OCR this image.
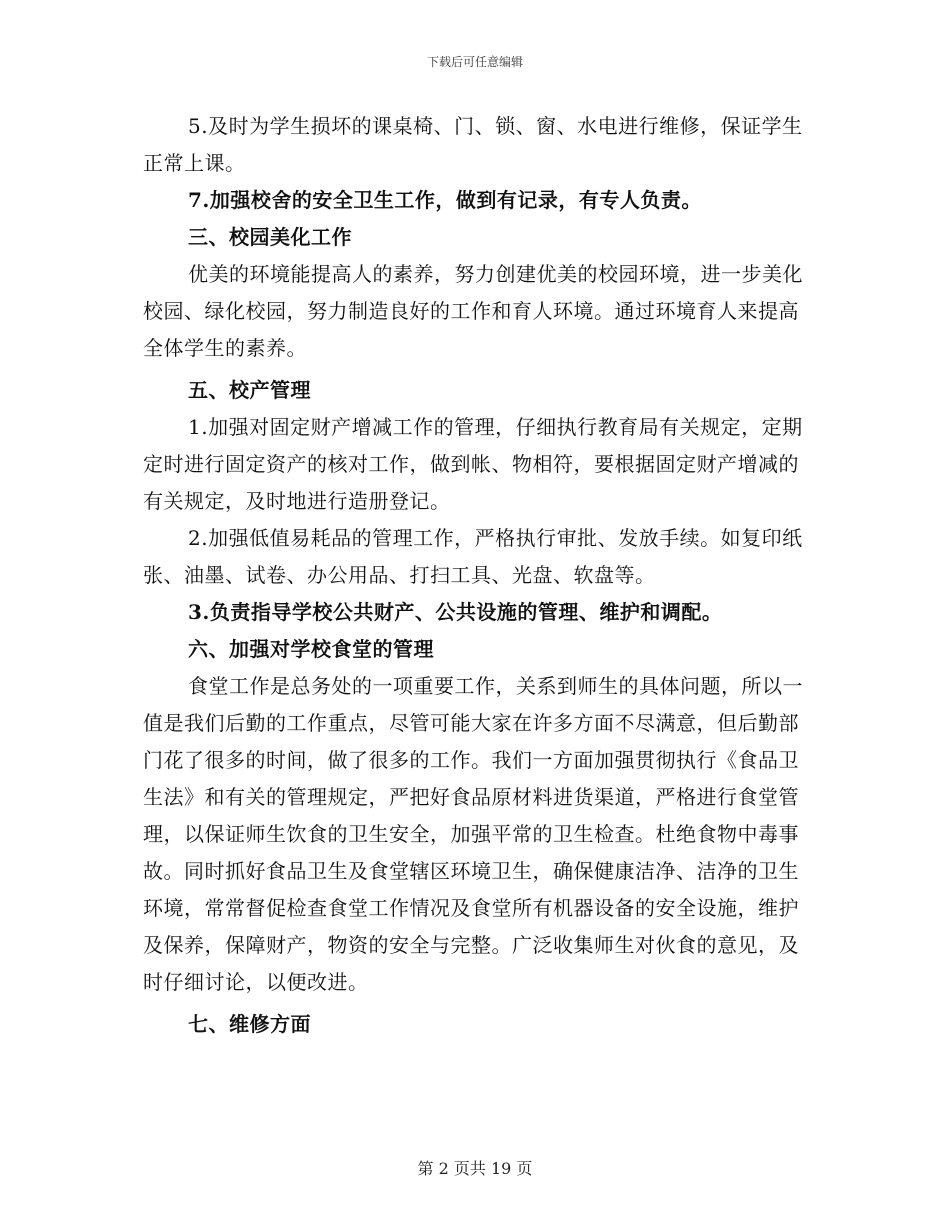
下载后可任意编辑

5.及时为学生损坏的课桌椅、门、锁、窗、水电进行维修，保证学生正常上课。

7.加强校舍的安全卫生工作，做到有记录，有专人负责。

三、校园美化工作

优美的环境能提高人的素养，努力创建优美的校园环境，进一步美化校园、绿化校园，努力制造良好的工作和育人环境。通过环境育人来提高全体学生的素养。

五、校产管理

1.加强对固定财产增减工作的管理，仔细执行教育局有关规定，定期定时进行固定资产的核对工作，做到帐、物相符，要根据固定财产增减的有关规定，及时地进行造册登记。

2.加强低值易耗品的管理工作，严格执行审批、发放手续。如复印纸张、油墨、试卷、办公用品、打扫工具、光盘、软盘等。

3.负责指导学校公共财产、公共设施的管理、维护和调配。

六、加强对学校食堂的管理

食堂工作是总务处的一项重要工作，关系到师生的具体问题，所以一值是我们后勤的工作重点，尽管可能大家在许多方面不尽满意，但后勤部门花了很多的时间，做了很多的工作。我们一方面加强贯彻执行《食品卫生法》和有关的管理规定，严把好食品原材料进货渠道，严格进行食堂管理，以保证师生饮食的卫生安全，加强平常的卫生检查。杜绝食物中毒事故。同时抓好食品卫生及食堂辖区环境卫生，确保健康洁净、洁净的卫生环境，常常督促检查食堂工作情况及食堂所有机器设备的安全设施，维护及保养，保障财产，物资的安全与完整。广泛收集师生对伙食的意见，及时仔细讨论，以便改进。

七、维修方面

第 2 页共 19 页
